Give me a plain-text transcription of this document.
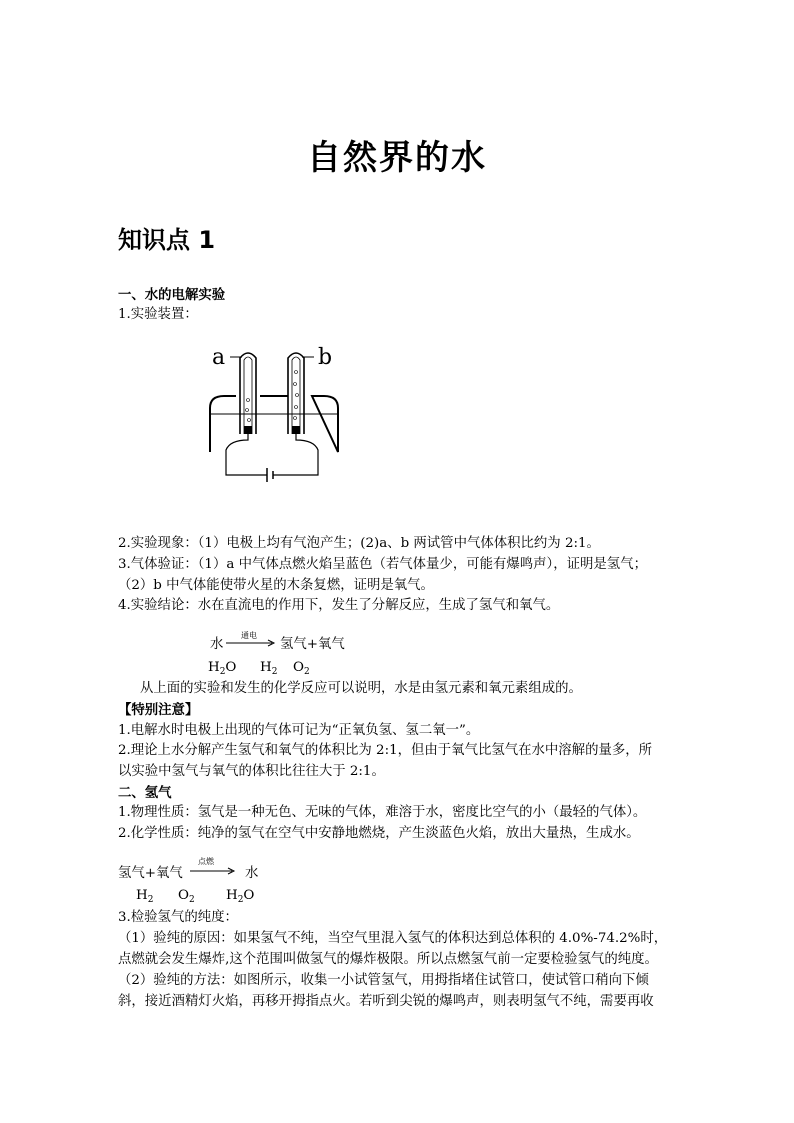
自然界的水
知识点 1
一、水的电解实验
1.实验装置：
a	b
2.实验现象：（1）电极上均有气泡产生；(2)a、b 两试管中气体体积比约为 2:1。
3.气体验证：（1）a 中气体点燃火焰呈蓝色（若气体量少，可能有爆鸣声），证明是氢气；
（2）b 中气体能使带火星的木条复燃，证明是氧气。
4.实验结论：水在直流电的作用下，发生了分解反应，生成了氢气和氧气。
水
通电
→ 氢气+氧气
$H_2O$ $H_2$ $O_2$
从上面的实验和发生的化学反应可以说明，水是由氢元素和氧元素组成的。
【特别注意】
1.电解水时电极上出现的气体可记为“正氧负氢、氢二氧一”。
2.理论上水分解产生氢气和氧气的体积比为 2:1，但由于氧气比氢气在水中溶解的量多，所
以实验中氢气与氧气的体积比往往大于 2:1。
二、氢气
1.物理性质：氢气是一种无色、无味的气体，难溶于水，密度比空气的小（最轻的气体）。
2.化学性质：纯净的氢气在空气中安静地燃烧，产生淡蓝色火焰，放出大量热，生成水。
氢气+氧气
点燃
→ 水
$H_2$ $O_2$ $H_2O$
3.检验氢气的纯度：
（1）验纯的原因：如果氢气不纯，当空气里混入氢气的体积达到总体积的 4.0%-74.2%时，
点燃就会发生爆炸,这个范围叫做氢气的爆炸极限。所以点燃氢气前一定要检验氢气的纯度。
（2）验纯的方法：如图所示，收集一小试管氢气，用拇指堵住试管口，使试管口稍向下倾
斜，接近酒精灯火焰，再移开拇指点火。若听到尖锐的爆鸣声，则表明氢气不纯，需要再收
